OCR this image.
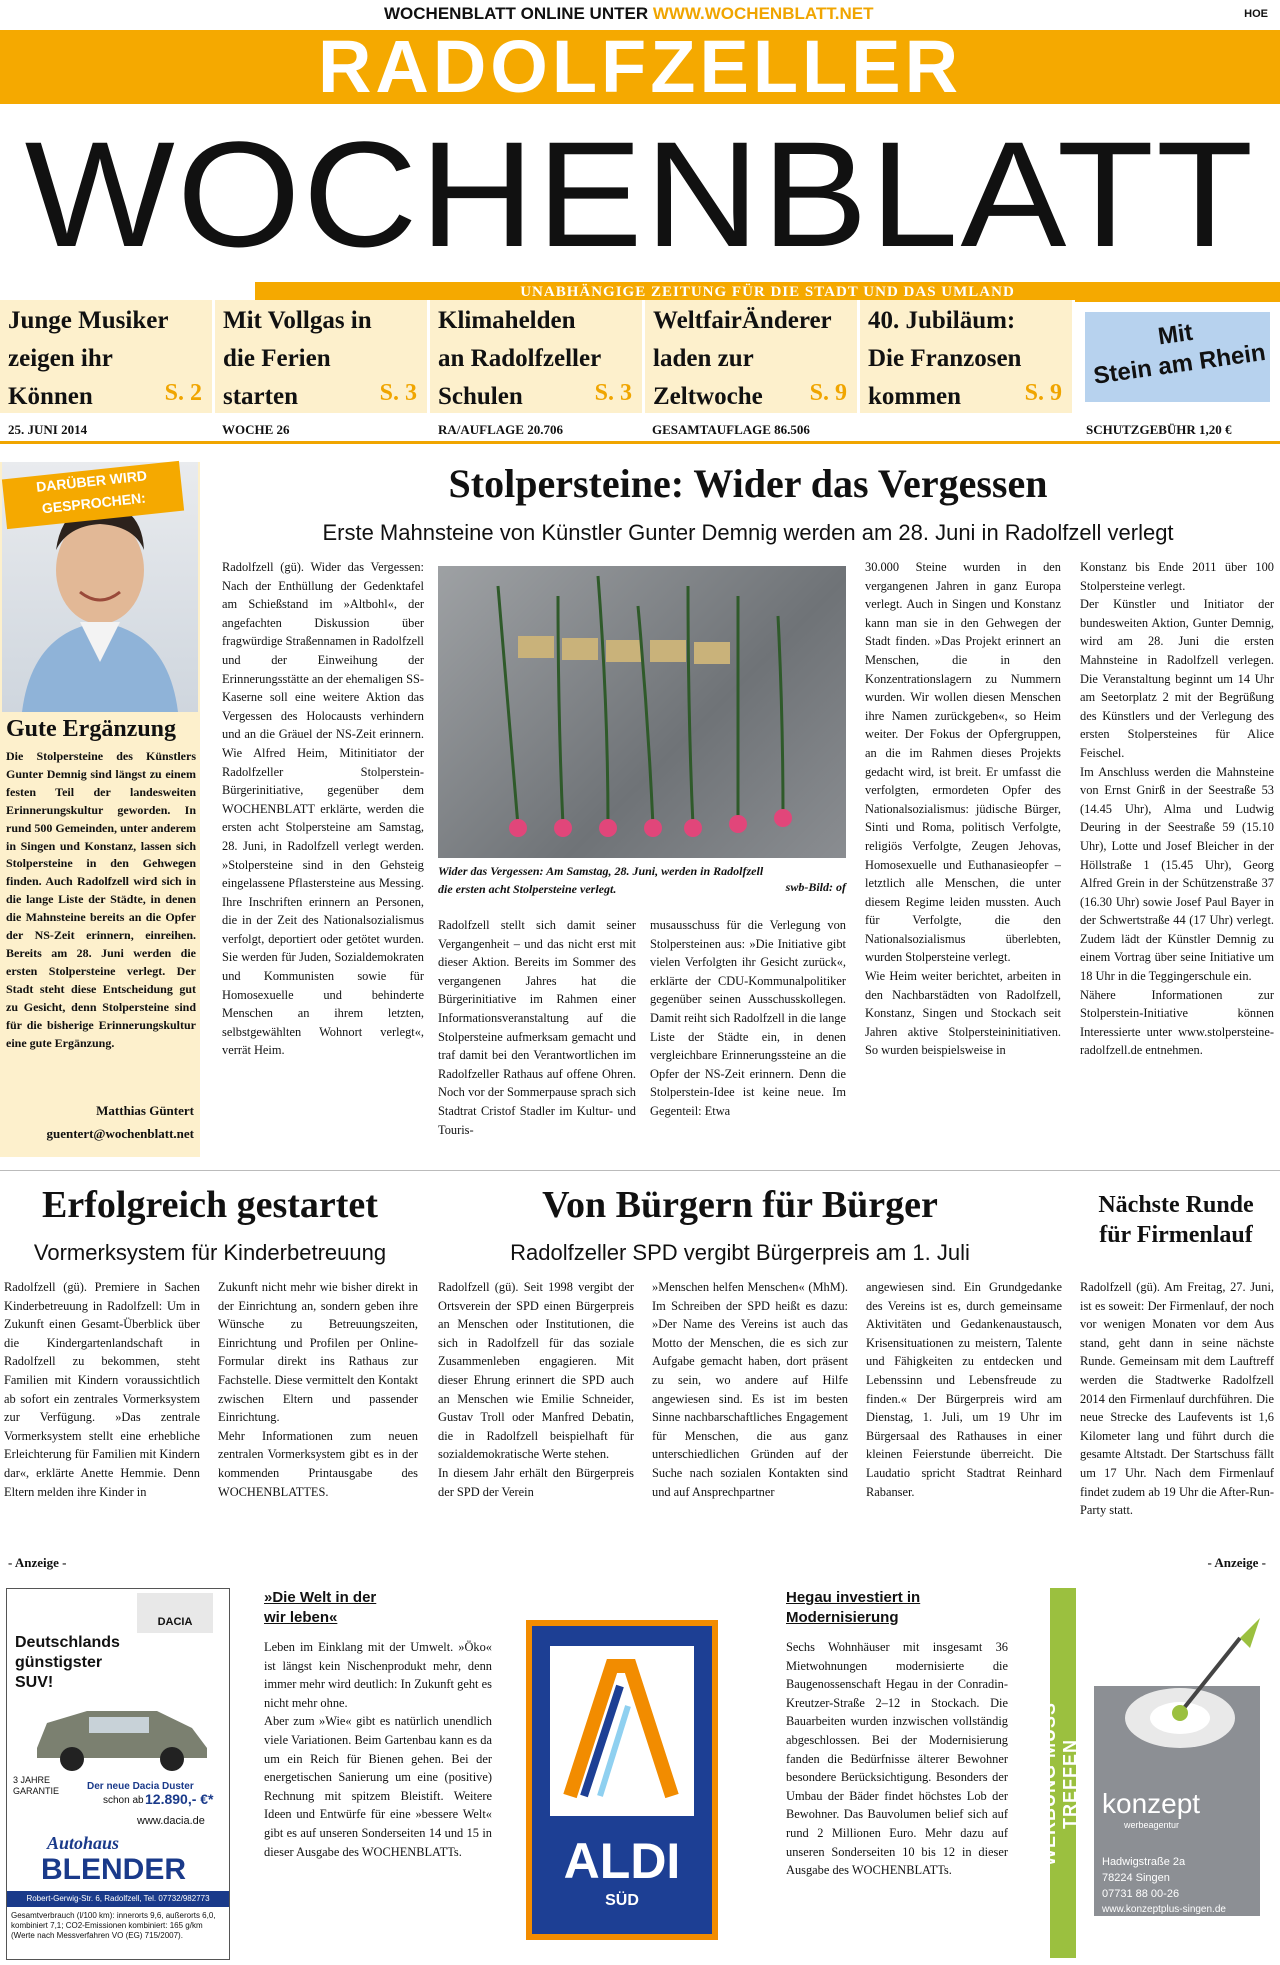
WOCHENBLATT ONLINE UNTER WWW.WOCHENBLATT.NET	HOE
RADOLFZELLER
WOCHENBLATT
UNABHÄNGIGE ZEITUNG FÜR DIE STADT UND DAS UMLAND
Junge Musiker
zeigen ihr
Können	S. 2
Mit Vollgas in
die Ferien
starten	S. 3
Klimahelden
an Radolfzeller
Schulen	S. 3
WeltfairÄnderer
laden zur
Zeltwoche	S. 9
40. Jubiläum:
Die Franzosen
kommen	S. 9
Mit
Stein am Rhein
25. JUNI 2014	WOCHE 26	RA/AUFLAGE 20.706	GESAMTAUFLAGE 86.506	SCHUTZGEBÜHR 1,20 €
DARÜBER WIRD
GESPROCHEN:
Gute Ergänzung
Die Stolpersteine des Künstlers Gunter Demnig sind längst zu einem festen Teil der landesweiten Erinnerungskultur geworden. In rund 500 Gemeinden, unter anderem in Singen und Konstanz, lassen sich Stolpersteine in den Gehwegen finden. Auch Radolfzell wird sich in die lange Liste der Städte, in denen die Mahnsteine bereits an die Opfer der NS-Zeit erinnern, einreihen. Bereits am 28. Juni werden die ersten Stolpersteine verlegt. Der Stadt steht diese Entscheidung gut zu Gesicht, denn Stolpersteine sind für die bisherige Erinnerungskultur eine gute Ergänzung.
Matthias Güntert
guentert@wochenblatt.net
Stolpersteine: Wider das Vergessen
Erste Mahnsteine von Künstler Gunter Demnig werden am 28. Juni in Radolfzell verlegt
Radolfzell (gü). Wider das Vergessen: Nach der Enthüllung der Gedenktafel am Schießstand im »Altbohl«, der angefachten Diskussion über fragwürdige Straßennamen in Radolfzell und der Einweihung der Erinnerungsstätte an der ehemaligen SS-Kaserne soll eine weitere Aktion das Vergessen des Holocausts verhindern und an die Gräuel der NS-Zeit erinnern. Wie Alfred Heim, Mitinitiator der Radolfzeller Stolperstein-Bürgerinitiative, gegenüber dem WOCHENBLATT erklärte, werden die ersten acht Stolpersteine am Samstag, 28. Juni, in Radolfzell verlegt werden. »Stolpersteine sind in den Gehsteig eingelassene Pflastersteine aus Messing. Ihre Inschriften erinnern an Personen, die in der Zeit des Nationalsozialismus verfolgt, deportiert oder getötet wurden. Sie werden für Juden, Sozialdemokraten und Kommunisten sowie für Homosexuelle und behinderte Menschen an ihrem letzten, selbstgewählten Wohnort verlegt«, verrät Heim.
Wider das Vergessen: Am Samstag, 28. Juni, werden in Radolfzell die ersten acht Stolpersteine verlegt.	swb-Bild: of
Radolfzell stellt sich damit seiner Vergangenheit – und das nicht erst mit dieser Aktion. Bereits im Sommer des vergangenen Jahres hat die Bürgerinitiative im Rahmen einer Informationsveranstaltung auf die Stolpersteine aufmerksam gemacht und traf damit bei den Verantwortlichen im Radolfzeller Rathaus auf offene Ohren. Noch vor der Sommerpause sprach sich Stadtrat Cristof Stadler im Kultur- und Touris-
musausschuss für die Verlegung von Stolpersteinen aus: »Die Initiative gibt vielen Verfolgten ihr Gesicht zurück«, erklärte der CDU-Kommunalpolitiker gegenüber seinen Ausschusskollegen. Damit reiht sich Radolfzell in die lange Liste der Städte ein, in denen vergleichbare Erinnerungssteine an die Opfer der NS-Zeit erinnern. Denn die Stolperstein-Idee ist keine neue. Im Gegenteil: Etwa
30.000 Steine wurden in den vergangenen Jahren in ganz Europa verlegt. Auch in Singen und Konstanz kann man sie in den Gehwegen der Stadt finden. »Das Projekt erinnert an Menschen, die in den Konzentrationslagern zu Nummern wurden. Wir wollen diesen Menschen ihre Namen zurückgeben«, so Heim weiter. Der Fokus der Opfergruppen, an die im Rahmen dieses Projekts gedacht wird, ist breit. Er umfasst die verfolgten, ermordeten Opfer des Nationalsozialismus: jüdische Bürger, Sinti und Roma, politisch Verfolgte, religiös Verfolgte, Zeugen Jehovas, Homosexuelle und Euthanasieopfer – letztlich alle Menschen, die unter diesem Regime leiden mussten. Auch für Verfolgte, die den Nationalsozialismus überlebten, wurden Stolpersteine verlegt.
Wie Heim weiter berichtet, arbeiten in den Nachbarstädten von Radolfzell, Konstanz, Singen und Stockach seit Jahren aktive Stolpersteininitiativen. So wurden beispielsweise in
Konstanz bis Ende 2011 über 100 Stolpersteine verlegt.
Der Künstler und Initiator der bundesweiten Aktion, Gunter Demnig, wird am 28. Juni die ersten Mahnsteine in Radolfzell verlegen. Die Veranstaltung beginnt um 14 Uhr am Seetorplatz 2 mit der Begrüßung des Künstlers und der Verlegung des ersten Stolpersteines für Alice Feischel.
Im Anschluss werden die Mahnsteine von Ernst Gnirß in der Seestraße 53 (14.45 Uhr), Alma und Ludwig Deuring in der Seestraße 59 (15.10 Uhr), Lotte und Josef Bleicher in der Höllstraße 1 (15.45 Uhr), Georg Alfred Grein in der Schützenstraße 37 (16.30 Uhr) sowie Josef Paul Bayer in der Schwertstraße 44 (17 Uhr) verlegt. Zudem lädt der Künstler Demnig zu einem Vortrag über seine Initiative um 18 Uhr in die Teggingerschule ein.
Nähere Informationen zur Stolperstein-Initiative können Interessierte unter www.stolpersteine-radolfzell.de entnehmen.
Erfolgreich gestartet
Vormerksystem für Kinderbetreuung
Radolfzell (gü). Premiere in Sachen Kinderbetreuung in Radolfzell: Um in Zukunft einen Gesamt-Überblick über die Kindergartenlandschaft in Radolfzell zu bekommen, steht Familien mit Kindern voraussichtlich ab sofort ein zentrales Vormerksystem zur Verfügung. »Das zentrale Vormerksystem stellt eine erhebliche Erleichterung für Familien mit Kindern dar«, erklärte Anette Hemmie. Denn Eltern melden ihre Kinder in
Zukunft nicht mehr wie bisher direkt in der Einrichtung an, sondern geben ihre Wünsche zu Betreuungszeiten, Einrichtung und Profilen per Online-Formular direkt ins Rathaus zur Fachstelle. Diese vermittelt den Kontakt zwischen Eltern und passender Einrichtung.
Mehr Informationen zum neuen zentralen Vormerksystem gibt es in der kommenden Printausgabe des WOCHENBLATTES.
- Anzeige -
Von Bürgern für Bürger
Radolfzeller SPD vergibt Bürgerpreis am 1. Juli
Radolfzell (gü). Seit 1998 vergibt der Ortsverein der SPD einen Bürgerpreis an Menschen oder Institutionen, die sich in Radolfzell für das soziale Zusammenleben engagieren. Mit dieser Ehrung erinnert die SPD auch an Menschen wie Emilie Schneider, Gustav Troll oder Manfred Debatin, die in Radolfzell beispielhaft für sozialdemokratische Werte stehen.
In diesem Jahr erhält den Bürgerpreis der SPD der Verein
»Menschen helfen Menschen« (MhM). Im Schreiben der SPD heißt es dazu: »Der Name des Vereins ist auch das Motto der Menschen, die es sich zur Aufgabe gemacht haben, dort präsent zu sein, wo andere auf Hilfe angewiesen sind. Es ist im besten Sinne nachbarschaftliches Engagement für Menschen, die aus ganz unterschiedlichen Gründen auf der Suche nach sozialen Kontakten sind und auf Ansprechpartner
angewiesen sind. Ein Grundgedanke des Vereins ist es, durch gemeinsame Aktivitäten und Gedankenaustausch, Krisensituationen zu meistern, Talente und Fähigkeiten zu entdecken und Lebenssinn und Lebensfreude zu finden.« Der Bürgerpreis wird am Dienstag, 1. Juli, um 19 Uhr im Bürgersaal des Rathauses in einer kleinen Feierstunde überreicht. Die Laudatio spricht Stadtrat Reinhard Rabanser.
Nächste Runde
für Firmenlauf
Radolfzell (gü). Am Freitag, 27. Juni, ist es soweit: Der Firmenlauf, der noch vor wenigen Monaten vor dem Aus stand, geht dann in seine nächste Runde. Gemeinsam mit dem Lauftreff werden die Stadtwerke Radolfzell 2014 den Firmenlauf durchführen. Die neue Strecke des Laufevents ist 1,6 Kilometer lang und führt durch die gesamte Altstadt. Der Startschuss fällt um 17 Uhr. Nach dem Firmenlauf findet zudem ab 19 Uhr die After-Run-Party statt.
- Anzeige -
DACIA
Deutschlands
günstigster
SUV!
3 JAHRE
GARANTIE	Der neue Dacia Duster
schon ab 12.890,- €*
www.dacia.de
Autohaus
BLENDER
Robert-Gerwig-Str. 6, Radolfzell, Tel. 07732/982773
Gesamtverbrauch (l/100 km): innerorts 9,6, außerorts 6,0, kombiniert 7,1; CO2-Emissionen kombiniert: 165 g/km (Werte nach Messverfahren VO (EG) 715/2007).
»Die Welt in der
wir leben«
Leben im Einklang mit der Umwelt. »Öko« ist längst kein Nischenprodukt mehr, denn immer mehr wird deutlich: In Zukunft geht es nicht mehr ohne.
Aber zum »Wie« gibt es natürlich unendlich viele Variationen. Beim Gartenbau kann es da um ein Reich für Bienen gehen. Bei der energetischen Sanierung um eine (positive) Rechnung mit spitzem Bleistift. Weitere Ideen und Entwürfe für eine »bessere Welt« gibt es auf unseren Sonderseiten 14 und 15 in dieser Ausgabe des WOCHENBLATTs.	ALDI
SÜD
Hegau investiert in
Modernisierung
Sechs Wohnhäuser mit insgesamt 36 Mietwohnungen modernisierte die Baugenossenschaft Hegau in der Conradin-Kreutzer-Straße 2–12 in Stockach. Die Bauarbeiten wurden inzwischen vollständig abgeschlossen. Bei der Modernisierung fanden die Bedürfnisse älterer Bewohner besondere Berücksichtigung. Besonders der Umbau der Bäder findet höchstes Lob der Bewohner. Das Bauvolumen belief sich auf rund 2 Millionen Euro. Mehr dazu auf unseren Sonderseiten 10 bis 12 in dieser Ausgabe des WOCHENBLATTs.
WERBUNG MUSS TREFFEN konzept
werbeagentur
Hadwigstraße 2a
78224 Singen
07731 88 00-26
www.konzeptplus-singen.de
